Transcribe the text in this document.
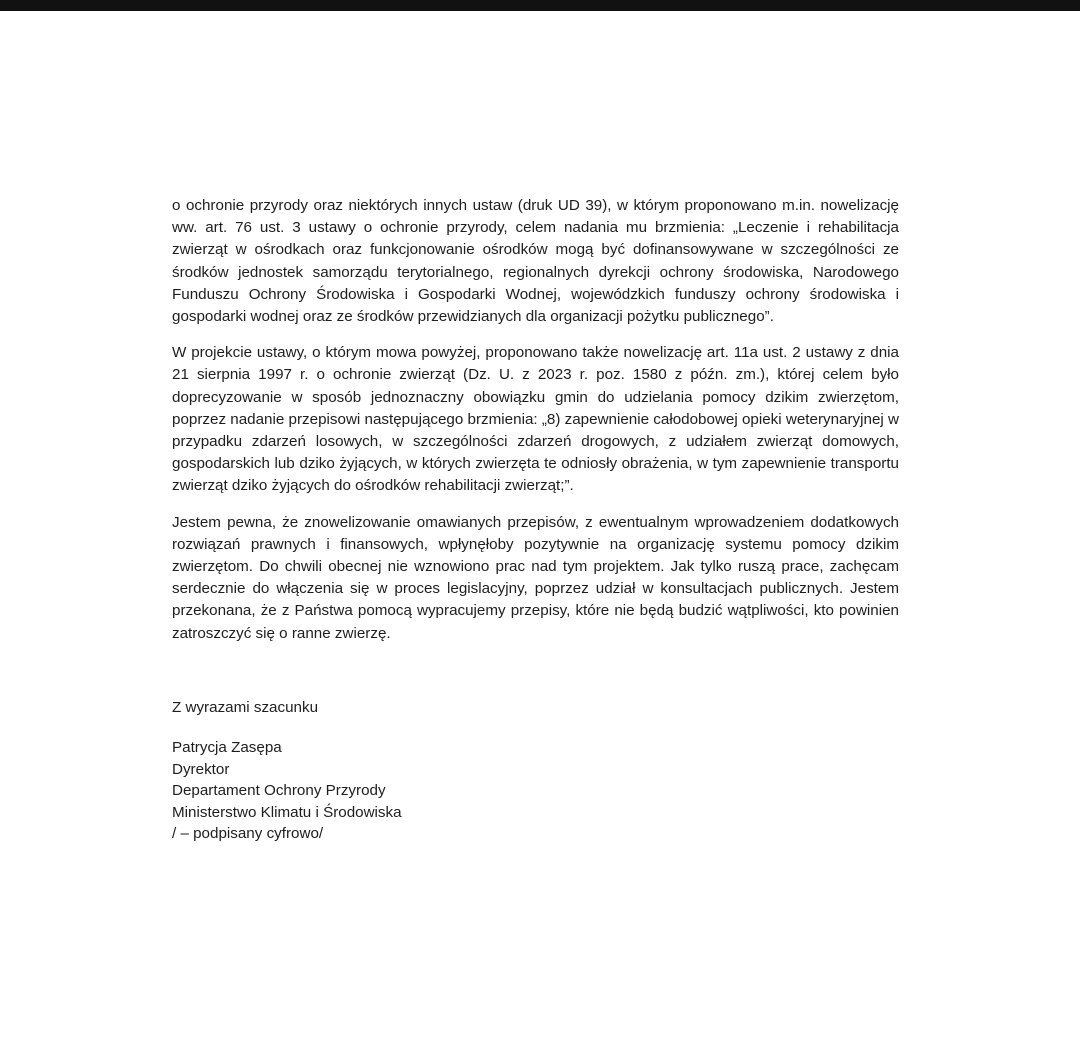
o ochronie przyrody oraz niektórych innych ustaw (druk UD 39), w którym proponowano m.in. nowelizację ww. art. 76 ust. 3 ustawy o ochronie przyrody, celem nadania mu brzmienia: „Leczenie i rehabilitacja zwierząt w ośrodkach oraz funkcjonowanie ośrodków mogą być dofinansowywane w szczególności ze środków jednostek samorządu terytorialnego, regionalnych dyrekcji ochrony środowiska, Narodowego Funduszu Ochrony Środowiska i Gospodarki Wodnej, wojewódzkich funduszy ochrony środowiska i gospodarki wodnej oraz ze środków przewidzianych dla organizacji pożytku publicznego”.

W projekcie ustawy, o którym mowa powyżej, proponowano także nowelizację art. 11a ust. 2 ustawy z dnia 21 sierpnia 1997 r. o ochronie zwierząt (Dz. U. z 2023 r. poz. 1580 z późn. zm.), której celem było doprecyzowanie w sposób jednoznaczny obowiązku gmin do udzielania pomocy dzikim zwierzętom, poprzez nadanie przepisowi następującego brzmienia: „8) zapewnienie całodobowej opieki weterynaryjnej w przypadku zdarzeń losowych, w szczególności zdarzeń drogowych, z udziałem zwierząt domowych, gospodarskich lub dziko żyjących, w których zwierzęta te odniosły obrażenia, w tym zapewnienie transportu zwierząt dziko żyjących do ośrodków rehabilitacji zwierząt;”.

Jestem pewna, że znowelizowanie omawianych przepisów, z ewentualnym wprowadzeniem dodatkowych rozwiązań prawnych i finansowych, wpłynęłoby pozytywnie na organizację systemu pomocy dzikim zwierzętom. Do chwili obecnej nie wznowiono prac nad tym projektem. Jak tylko ruszą prace, zachęcam serdecznie do włączenia się w proces legislacyjny, poprzez udział w konsultacjach publicznych. Jestem przekonana, że z Państwa pomocą wypracujemy przepisy, które nie będą budzić wątpliwości, kto powinien zatroszczyć się o ranne zwierzę.

Z wyrazami szacunku
Patrycja Zasępa
Dyrektor
Departament Ochrony Przyrody
Ministerstwo Klimatu i Środowiska
/ – podpisany cyfrowo/
